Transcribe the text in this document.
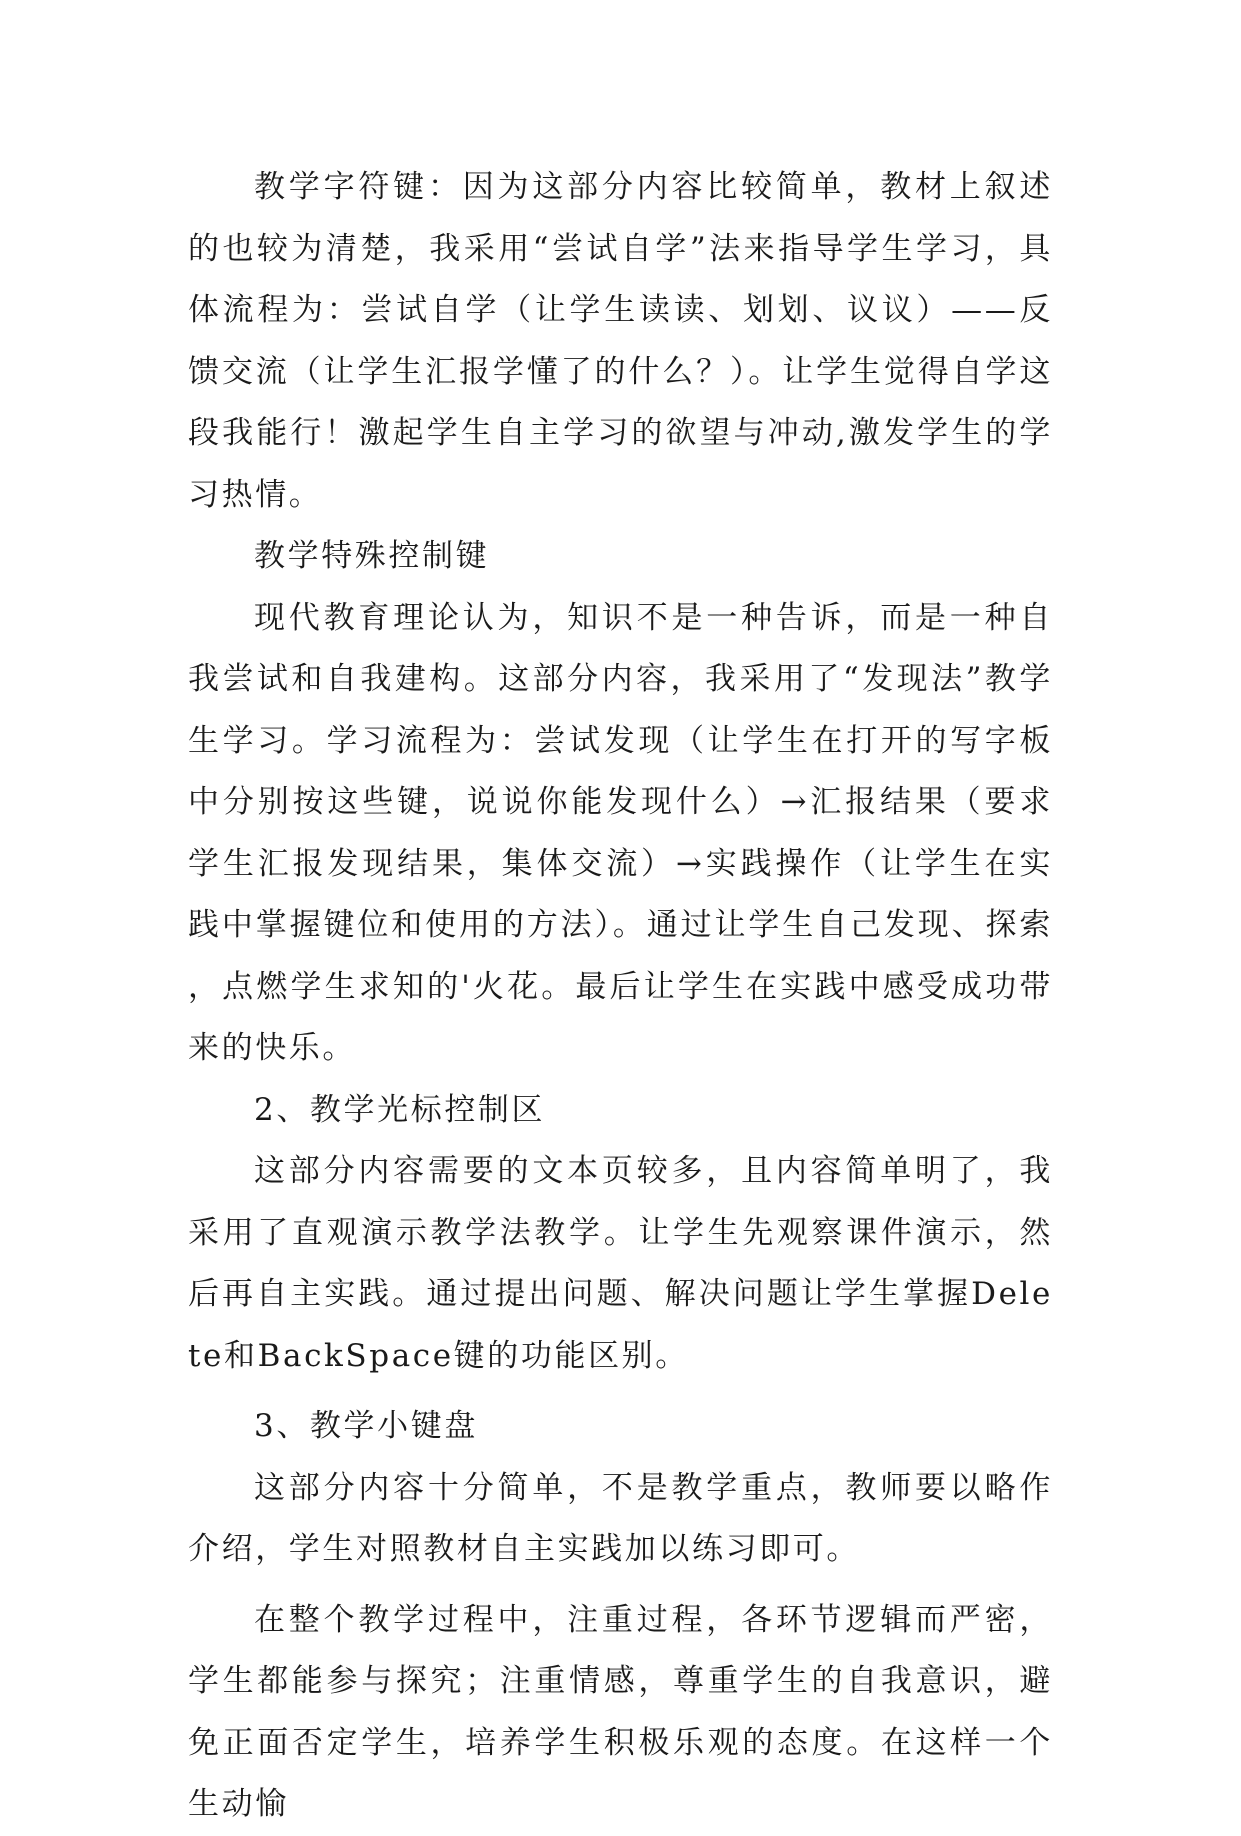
教学字符键：因为这部分内容比较简单，教材上叙述的也较为清楚，我采用“尝试自学”法来指导学生学习，具体流程为：尝试自学（让学生读读、划划、议议）——反馈交流（让学生汇报学懂了的什么？）。让学生觉得自学这段我能行！激起学生自主学习的欲望与冲动,激发学生的学习热情。

教学特殊控制键

现代教育理论认为，知识不是一种告诉，而是一种自我尝试和自我建构。这部分内容，我采用了“发现法”教学生学习。学习流程为：尝试发现（让学生在打开的写字板中分别按这些键，说说你能发现什么）→汇报结果（要求学生汇报发现结果，集体交流）→实践操作（让学生在实践中掌握键位和使用的方法）。通过让学生自己发现、探索，点燃学生求知的'火花。最后让学生在实践中感受成功带来的快乐。

2、教学光标控制区

这部分内容需要的文本页较多，且内容简单明了，我采用了直观演示教学法教学。让学生先观察课件演示，然后再自主实践。通过提出问题、解决问题让学生掌握Delete和BackSpace键的功能区别。

3、教学小键盘

这部分内容十分简单，不是教学重点，教师要以略作介绍，学生对照教材自主实践加以练习即可。

在整个教学过程中，注重过程，各环节逻辑而严密，学生都能参与探究；注重情感，尊重学生的自我意识，避免正面否定学生，培养学生积极乐观的态度。在这样一个生动愉
